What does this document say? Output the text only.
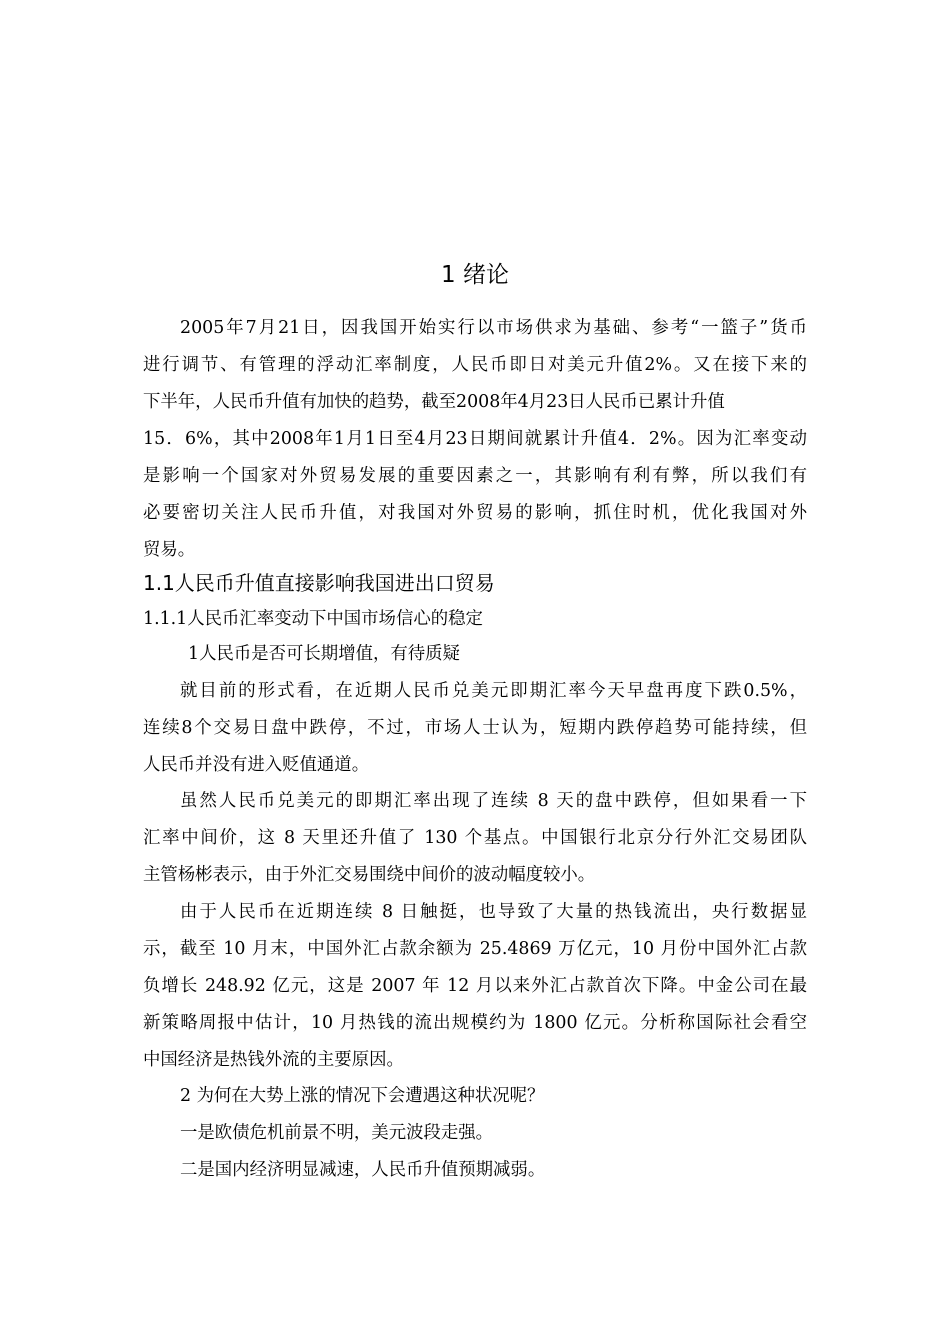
1 绪论
2005年7月21日，因我国开始实行以市场供求为基础、参考“一篮子”货币
进行调节、有管理的浮动汇率制度，人民币即日对美元升值2%。又在接下来的
下半年，人民币升值有加快的趋势，截至2008年4月23日人民币已累计升值
15．6%，其中2008年1月1日至4月23日期间就累计升值4．2%。因为汇率变动
是影响一个国家对外贸易发展的重要因素之一，其影响有利有弊，所以我们有
必要密切关注人民币升值，对我国对外贸易的影响，抓住时机，优化我国对外
贸易。
1.1人民币升值直接影响我国进出口贸易
1.1.1人民币汇率变动下中国市场信心的稳定
1人民币是否可长期增值，有待质疑
就目前的形式看，在近期人民币兑美元即期汇率今天早盘再度下跌0.5%，
连续8个交易日盘中跌停，不过，市场人士认为，短期内跌停趋势可能持续，但
人民币并没有进入贬值通道。
虽然人民币兑美元的即期汇率出现了连续 8 天的盘中跌停，但如果看一下
汇率中间价，这 8 天里还升值了 130 个基点。中国银行北京分行外汇交易团队
主管杨彬表示，由于外汇交易围绕中间价的波动幅度较小。
由于人民币在近期连续 8 日触挺，也导致了大量的热钱流出，央行数据显
示，截至 10 月末，中国外汇占款余额为 25.4869 万亿元，10 月份中国外汇占款
负增长 248.92 亿元，这是 2007 年 12 月以来外汇占款首次下降。中金公司在最
新策略周报中估计，10 月热钱的流出规模约为 1800 亿元。分析称国际社会看空
中国经济是热钱外流的主要原因。
2 为何在大势上涨的情况下会遭遇这种状况呢？
一是欧债危机前景不明，美元波段走强。
二是国内经济明显减速，人民币升值预期减弱。
